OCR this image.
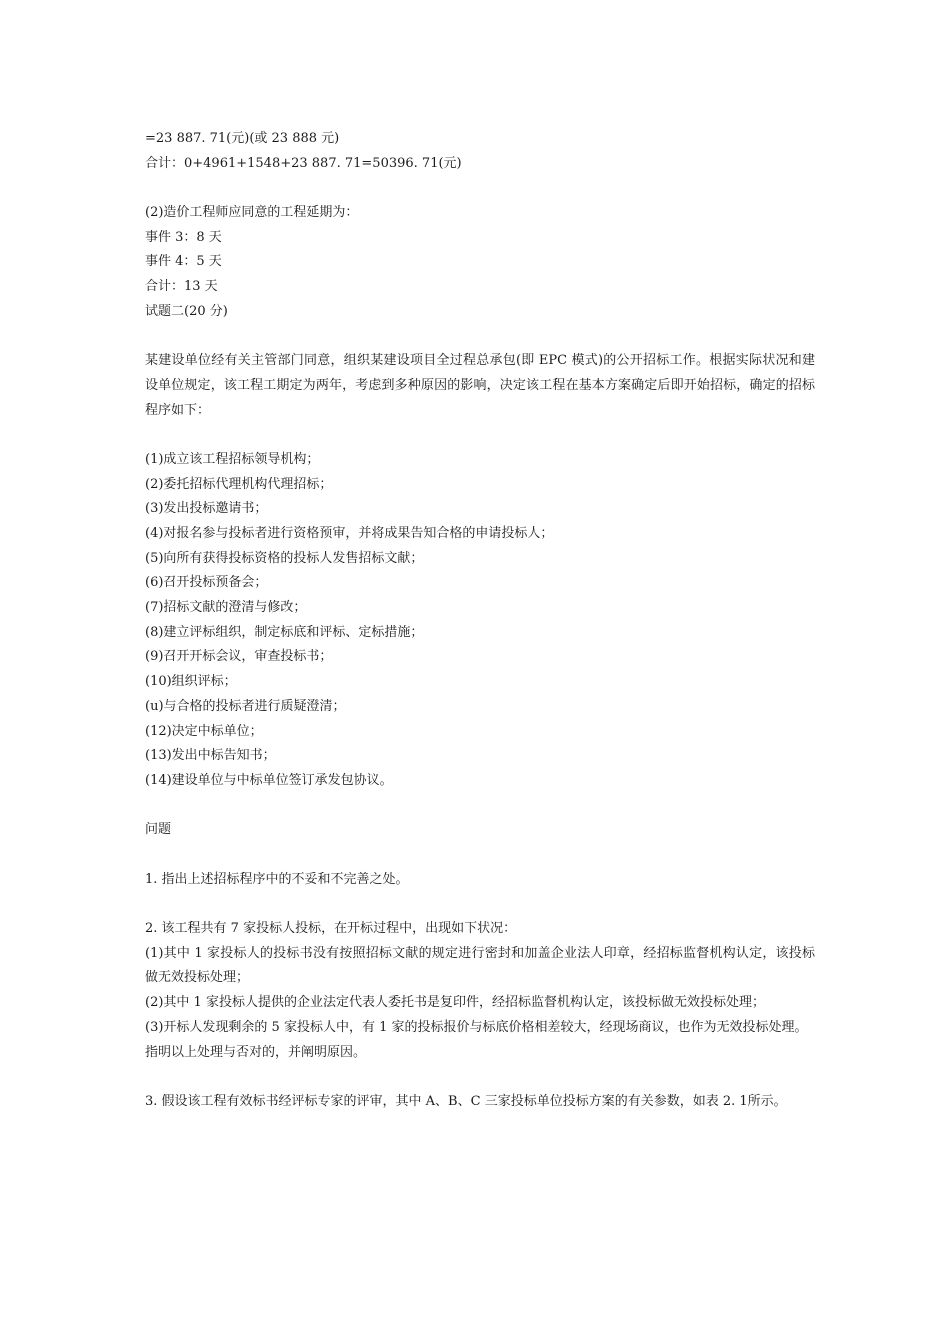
=23 887. 71(元)(或 23 888 元)
合计：0+4961+1548+23 887. 71=50396. 71(元)
(2)造价工程师应同意的工程延期为：
事件 3：8 天
事件 4：5 天
合计：13 天
试题二(20 分)

某建设单位经有关主管部门同意，组织某建设项目全过程总承包(即 EPC 模式)的公开招标工作。根据实际状况和建设单位规定，该工程工期定为两年，考虑到多种原因的影响，决定该工程在基本方案确定后即开始招标，确定的招标程序如下：

(1)成立该工程招标领导机构；
(2)委托招标代理机构代理招标；
(3)发出投标邀请书；
(4)对报名参与投标者进行资格预审，并将成果告知合格的申请投标人；
(5)向所有获得投标资格的投标人发售招标文献；
(6)召开投标预备会；
(7)招标文献的澄清与修改；
(8)建立评标组织，制定标底和评标、定标措施；
(9)召开开标会议，审查投标书；
(10)组织评标；
(u)与合格的投标者进行质疑澄清；
(12)决定中标单位；
(13)发出中标告知书；
(14)建设单位与中标单位签订承发包协议。
问题
1. 指出上述招标程序中的不妥和不完善之处。
2. 该工程共有 7 家投标人投标，在开标过程中，出现如下状况：

(1)其中 1 家投标人的投标书没有按照招标文献的规定进行密封和加盖企业法人印章，经招标监督机构认定，该投标做无效投标处理；

(2)其中 1 家投标人提供的企业法定代表人委托书是复印件，经招标监督机构认定，该投标做无效投标处理；

(3)开标人发现剩余的 5 家投标人中，有 1 家的投标报价与标底价格相差较大，经现场商议，也作为无效投标处理。

指明以上处理与否对的，并阐明原因。

3. 假设该工程有效标书经评标专家的评审，其中 A、B、C 三家投标单位投标方案的有关参数，如表 2. 1所示。
